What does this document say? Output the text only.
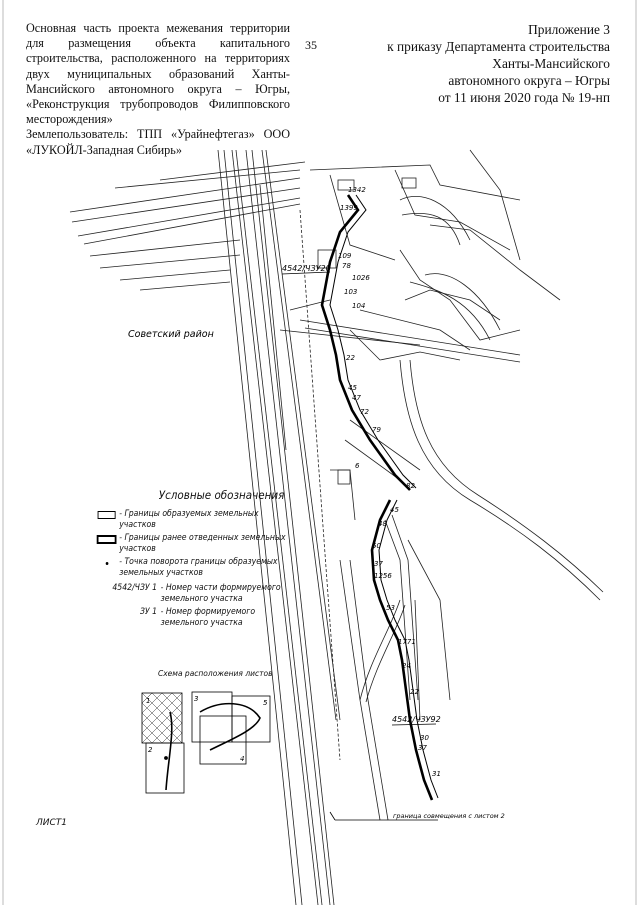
Основная часть проекта межевания территории для размещения объекта капитального строительства, расположенного на территориях двух муниципальных образований Ханты-Мансийского автономного округа – Югры, «Реконструкция трубопроводов Филипповского месторождения»

Землепользователь: ТПП «Урайнефтегаз» ООО «ЛУКОЙЛ-Западная Сибирь»

35
Приложение 3
к приказу Департамента строительства
Ханты-Мансийского
автономного округа – Югры
от 11 июня 2020 года № 19-нп
1342
1399
109
78
1026
103
104
22
45
47
72
79
82
45
48
50
37
1256
53
1771
24
22
30
37
31
6
4542/ЧЗУ20
4542/ЧЗУ92
Советский район
граница совмещения с листом 2
1
2
3
4
5
Условные обозначения
- Границы образуемых земельных участков
- Границы ранее отведенных земельных участков
- Точка поворота границы образуемых земельных участков
4542/ЧЗУ 1 - Номер части формируемого земельного участка
ЗУ 1 - Номер формируемого земельного участка
Схема расположения листов
ЛИСТ1
